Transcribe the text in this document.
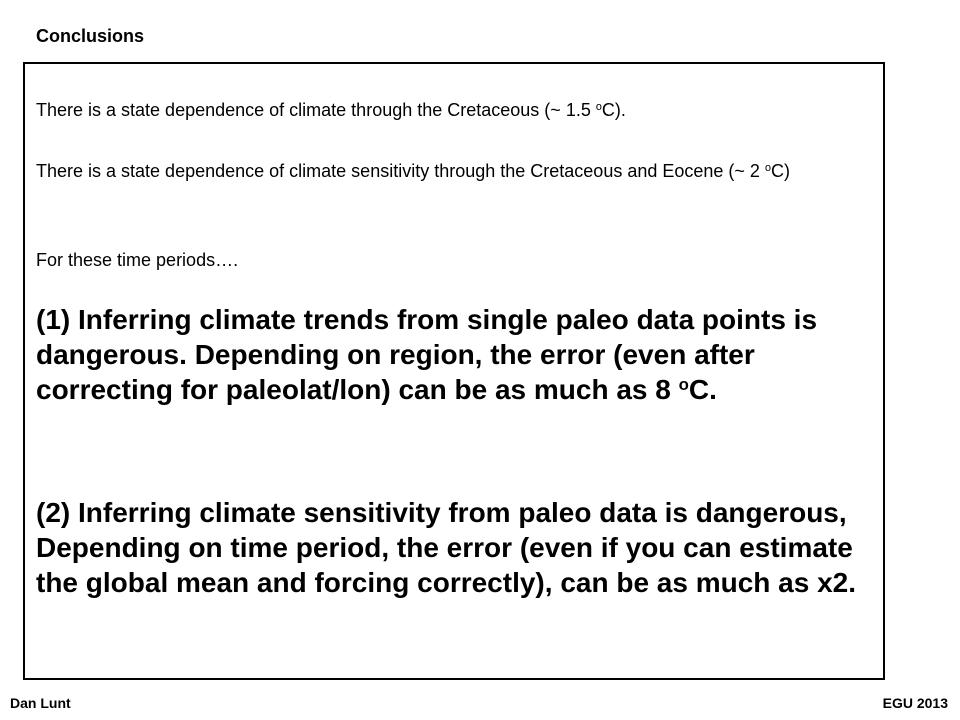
Conclusions

There is a state dependence of climate through the Cretaceous (~ 1.5 $^o$C).

There is a state dependence of climate sensitivity through the Cretaceous and Eocene (~ 2 $^o$C)

For these time periods….

(1) Inferring climate trends from single paleo data points is dangerous. Depending on region, the error (even after correcting for paleolat/lon) can be as much as 8 $^o$C.

(2) Inferring climate sensitivity from paleo data is dangerous, Depending on time period, the error (even if you can estimate the global mean and forcing correctly), can be as much as x2.

Dan Lunt	EGU 2013
